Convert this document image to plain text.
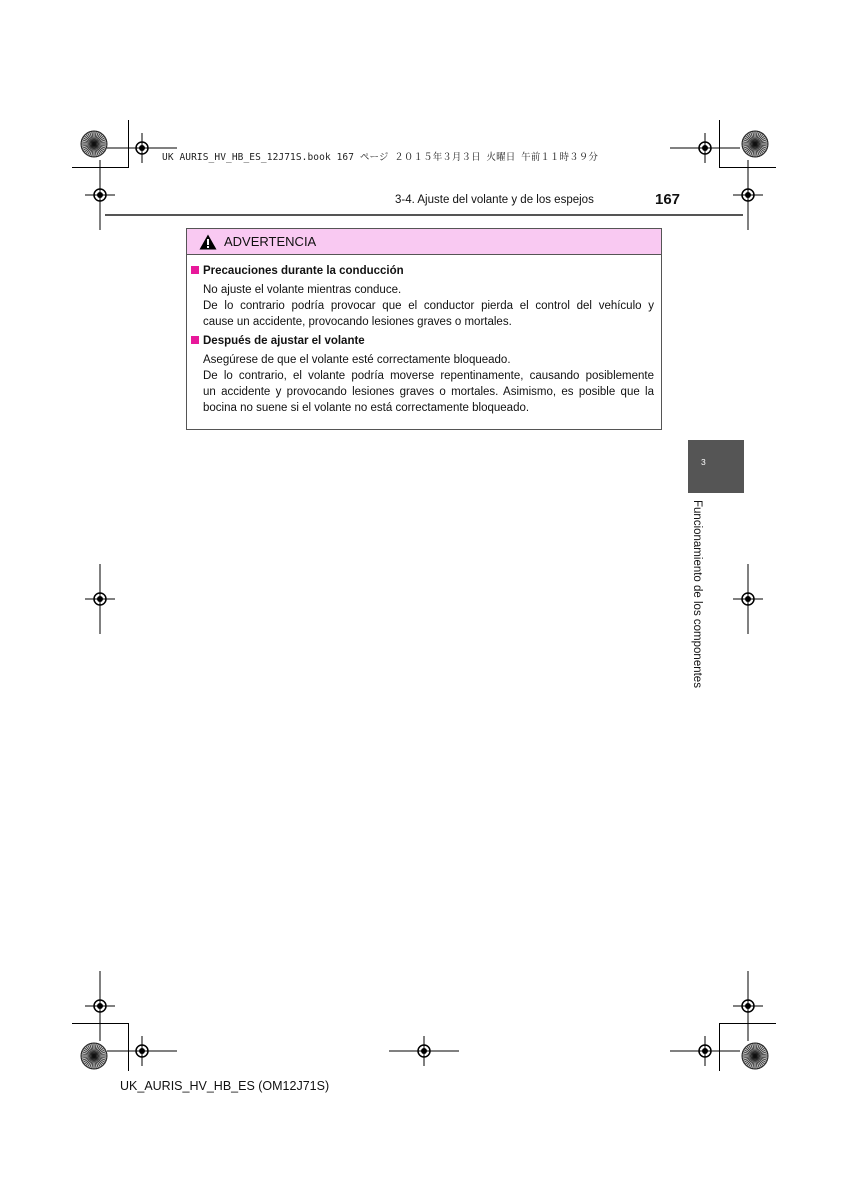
UK AURIS_HV_HB_ES_12J71S.book 167 ページ ２０１５年３月３日 火曜日 午前１１時３９分
3-4. Ajuste del volante y de los espejos	167
ADVERTENCIA
Precauciones durante la conducción
No ajuste el volante mientras conduce.
De lo contrario podría provocar que el conductor pierda el control del vehículo y
cause un accidente, provocando lesiones graves o mortales.
Después de ajustar el volante
Asegúrese de que el volante esté correctamente bloqueado.
De lo contrario, el volante podría moverse repentinamente, causando posiblemente
un accidente y provocando lesiones graves o mortales. Asimismo, es posible que la
bocina no suene si el volante no está correctamente bloqueado.
3
Funcionamiento de los componentes
UK_AURIS_HV_HB_ES (OM12J71S)
